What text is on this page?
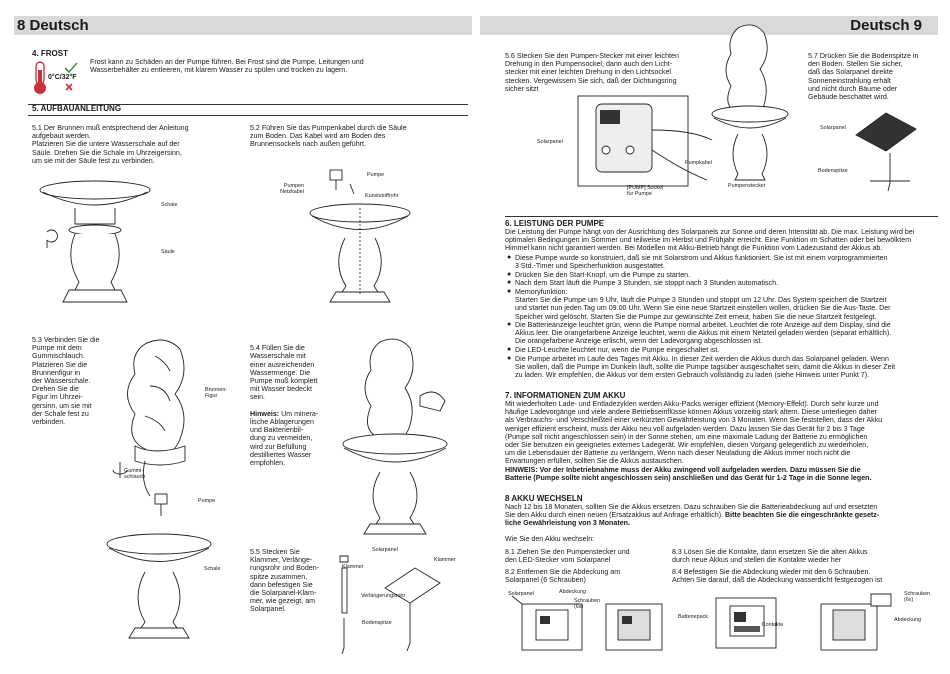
8 Deutsch
4. FROST
0°C/32°F
Frost kann zu Schäden an der Pumpe führen. Bei Frost sind die Pumpe, Leitungen und
Wasserbehälter zu entleeren, mit klarem Wasser zu spülen und trocken zu lagern.
5. AUFBAUANLEITUNG
5.1 Der Brunnen muß entsprechend der Anleitung
aufgebaut werden.
Platzieren Sie die untere Wasserschale auf der
Säule. Drehen Sie die Schale im Uhrzeigersinn,
um sie mit der Säule fest zu verbinden.
Schale
Säule
5.2 Führen Sie das Pumpenkabel durch die Säule
zum Boden. Das Kabel wird am Boden des
Brunnensockels nach außen geführt.
Pumpe
Pumpen
Netzkabel
Kunststoffrohr
5.3 Verbinden Sie die
Pumpe mit dem
Gummischlauch.
Platzieren Sie die
Brunnenfigur in
der Wasserschale.
Drehen Sie die
Figur im Uhrzei-
gersinn, um sie mit
der Schale fest zu
verbinden.
Brunnen-
Figur
Gummi-
schlauch
Pumpe
Schale

5.4 Füllen Sie die
Wasserschale mit
einer ausreichenden
Wassermenge. Die
Pumpe muß komplett
mit Wasser bedeckt
sein.

Hinweis: Um minera-
lische Ablagerungen
und Bakterienbil-
dung zu vermeiden,
wird zur Befüllung
destilliertes Wasser
empfohlen.

5.5 Stecken Sie
Klammer, Verlänge-
rungsrohr und Boden-
spitze zusammen,
dann befestigen Sie
die Solarpanel-Klam-
mer, wie gezeigt, am
Solarpanel.
Solarpanel
Klammer
Klammer
Verlängerungsrohr
Bodenspitze
Deutsch 9
5.6 Stecken Sie den Pumpen-Stecker mit einer leichten
Drehung in den Pumpensockel, dann auch den Licht-
stecker mit einer leichten Drehung in den Lichtsockel
stecken. Vergewissern Sie sich, daß der Dichtungsring
sicher sitzt
Solarpanel
Pumpkabel
[PUMP] Sockel
für Pumpe
Pumpenstecker
5.7 Drücken Sie die Bodenspitze in
den Boden. Stellen Sie sicher,
daß das Solarpanel direkte
Sonneneinstrahlung erhält
und nicht durch Bäume oder
Gebäude beschattet wird.
Solarpanel
Bodenspitze
6. LEISTUNG DER PUMPE
Die Leistung der Pumpe hängt von der Ausrichtung des Solarpanels zur Sonne und deren Intensität ab. Die max. Leistung wird bei
optimalen Bedingungen im Sommer und teilweise im Herbst und Frühjahr erreicht. Eine Funktion im Schatten oder bei bewölktem
Himmel kann nicht garantiert werden. Bei Modellen mit Akku-Betrieb hängt die Funktion vom Ladezustand der Akkus ab.
● Diese Pumpe wurde so konstruiert, daß sie mit Solarstrom und Akkus funktioniert. Sie ist mit einem vorprogrammierten
3 Std.-Timer und Speicherfunktion ausgestattet.
● Drücken Sie den Start-Knopf, um die Pumpe zu starten.
● Nach dem Start läuft die Pumpe 3 Stunden, sie stoppt nach 3 Stunden automatisch.
● Memoryfunktion:
Starten Sie die Pumpe um 9 Uhr, läuft die Pumpe 3 Stunden und stoppt um 12 Uhr. Das System speichert die Startzeit
und startet nun jeden Tag um 09.00 Uhr. Wenn Sie eine neue Startzeit einstellen wollen, drücken Sie die Aus-Taste. Der
Speicher wird gelöscht. Starten Sie die Pumpe zur gewünschte Zeit erneut, haben Sie die neue Startzeit festgelegt.
● Die Batterieanzeige leuchtet grün, wenn die Pumpe normal arbeitet. Leuchtet die rote Anzeige auf dem Display, sind die
Akkus leer. Die orangefarbene Anzeige leuchtet, wenn die Akkus mit einem Netzteil geladen werden (separat erhältlich).
Die orangefarbene Anzeige erlischt, wenn der Ladevorgang abgeschlossen ist.
● Die LED-Leuchte leuchtet nur, wenn die Pumpe eingeschaltet ist.
● Die Pumpe arbeitet im Laufe des Tages mit Akku. In dieser Zeit werden die Akkus durch das Solarpanel geladen. Wenn
Sie wollen, daß die Pumpe im Dunkeln läuft, sollte die Pumpe tagsüber ausgeschaltet sein, damit die Akkus in dieser Zeit
zu laden. Wir empfehlen, die Akkus vor dem ersten Gebrauch vollständig zu laden (siehe Hinweis unter Punkt 7).
7. INFORMATIONEN ZUM AKKU
Mit wiederholten Lade- und Entladezyklen werden Akku-Packs weniger effizient (Memory-Effekt). Durch sehr kurze und
häufige Ladevorgänge und viele andere Betriebseinflüsse können Akkus vorzeitig stark altern. Diese unterliegen daher
als Verbrauchs- und Verschleißteil einer verkürzten Gewährleistung von 3 Monaten. Wenn Sie feststellen, dass der Akku
weniger effizient erscheint, muss der Akku neu voll aufgeladen werden. Dazu lassen Sie das Gerät für 2 bis 3 Tage
(Pumpe soll nicht angeschlossen sein) in der Sonne stehen, um eine maximale Ladung der Batterie zu ermöglichen
oder Sie benutzen ein geeignetes externes Ladegerät. Wir empfehlen, diesen Vorgang gelegentlich zu wiederholen,
um die Lebensdauer der Batterie zu verlängern. Wenn nach dieser Neuladung die Akkus immer noch nicht die
Erwartungen erfüllen, sollten Sie die Akkus austauschen.
HINWEIS: Vor der Inbetriebnahme muss der Akku zwingend voll aufgeladen werden. Dazu müssen Sie die
Batterie (Pumpe sollte nicht angeschlossen sein) anschließen und das Gerät für 1-2 Tage in die Sonne legen.
8 AKKU WECHSELN
Nach 12 bis 18 Monaten, sollten Sie die Akkus ersetzen. Dazu schrauben Sie die Batterieabdeckung auf und ersetzten
Sie den Akku durch einen neuen (Ersatzakkus auf Anfrage erhältlich). Bitte beachten Sie die eingeschränkte gesetz-
liche Gewährleistung von 3 Monaten.
Wie Sie den Akku wechseln:
8.1 Ziehen Sie den Pumpenstecker und
den LED-Stecker vom Solarpanel
8.2 Entfernen Sie die Abdeckung am
Solarpanel (6 Schrauben)
8.3 Lösen Sie die Kontakte, dann ersetzen Sie die alten Akkus
durch neue Akkus und stellen die Kontakte wieder her
8.4 Befestigen Sie die Abdeckung wieder mit den 6 Schrauben.
Achten Sie darauf, daß die Abdeckung wasserdicht festgezogen ist
Solarpanel	Abdeckung
Schrauben
(6x)
Batteriepack
Kontakte
Schrauben
(6x)
Abdeckung
